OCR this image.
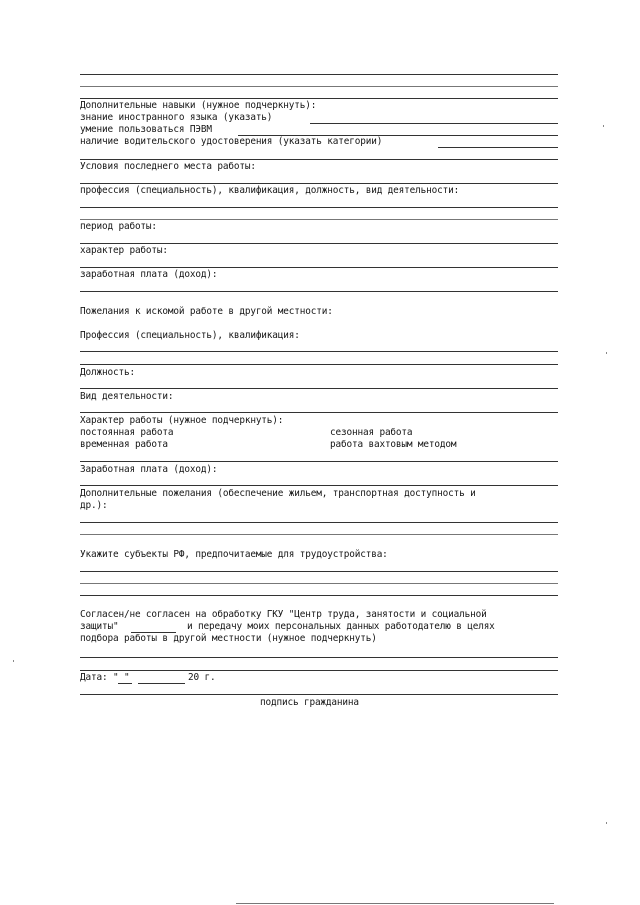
Дополнительные навыки (нужное подчеркнуть):
знание иностранного языка (указать)
умение пользоваться ПЭВМ
наличие водительского удостоверения (указать категории)
Условия последнего места работы:
профессия (специальность), квалификация, должность, вид деятельности:
период работы:
характер работы:
заработная плата (доход):
Пожелания к искомой работе в другой местности:
Профессия (специальность), квалификация:
Должность:
Вид деятельности:
Характер работы (нужное подчеркнуть):
постоянная работа	сезонная работа
временная работа	работа вахтовым методом
Заработная плата (доход):
Дополнительные пожелания (обеспечение жильем, транспортная доступность и
др.):
Укажите субъекты РФ, предпочитаемые для трудоустройства:
Согласен/не согласен на обработку ГКУ "Центр труда, занятости и социальной
защиты"	и передачу моих персональных данных работодателю в целях
подбора работы в другой местности (нужное подчеркнуть)
Дата: " "	20 г.
подпись гражданина
